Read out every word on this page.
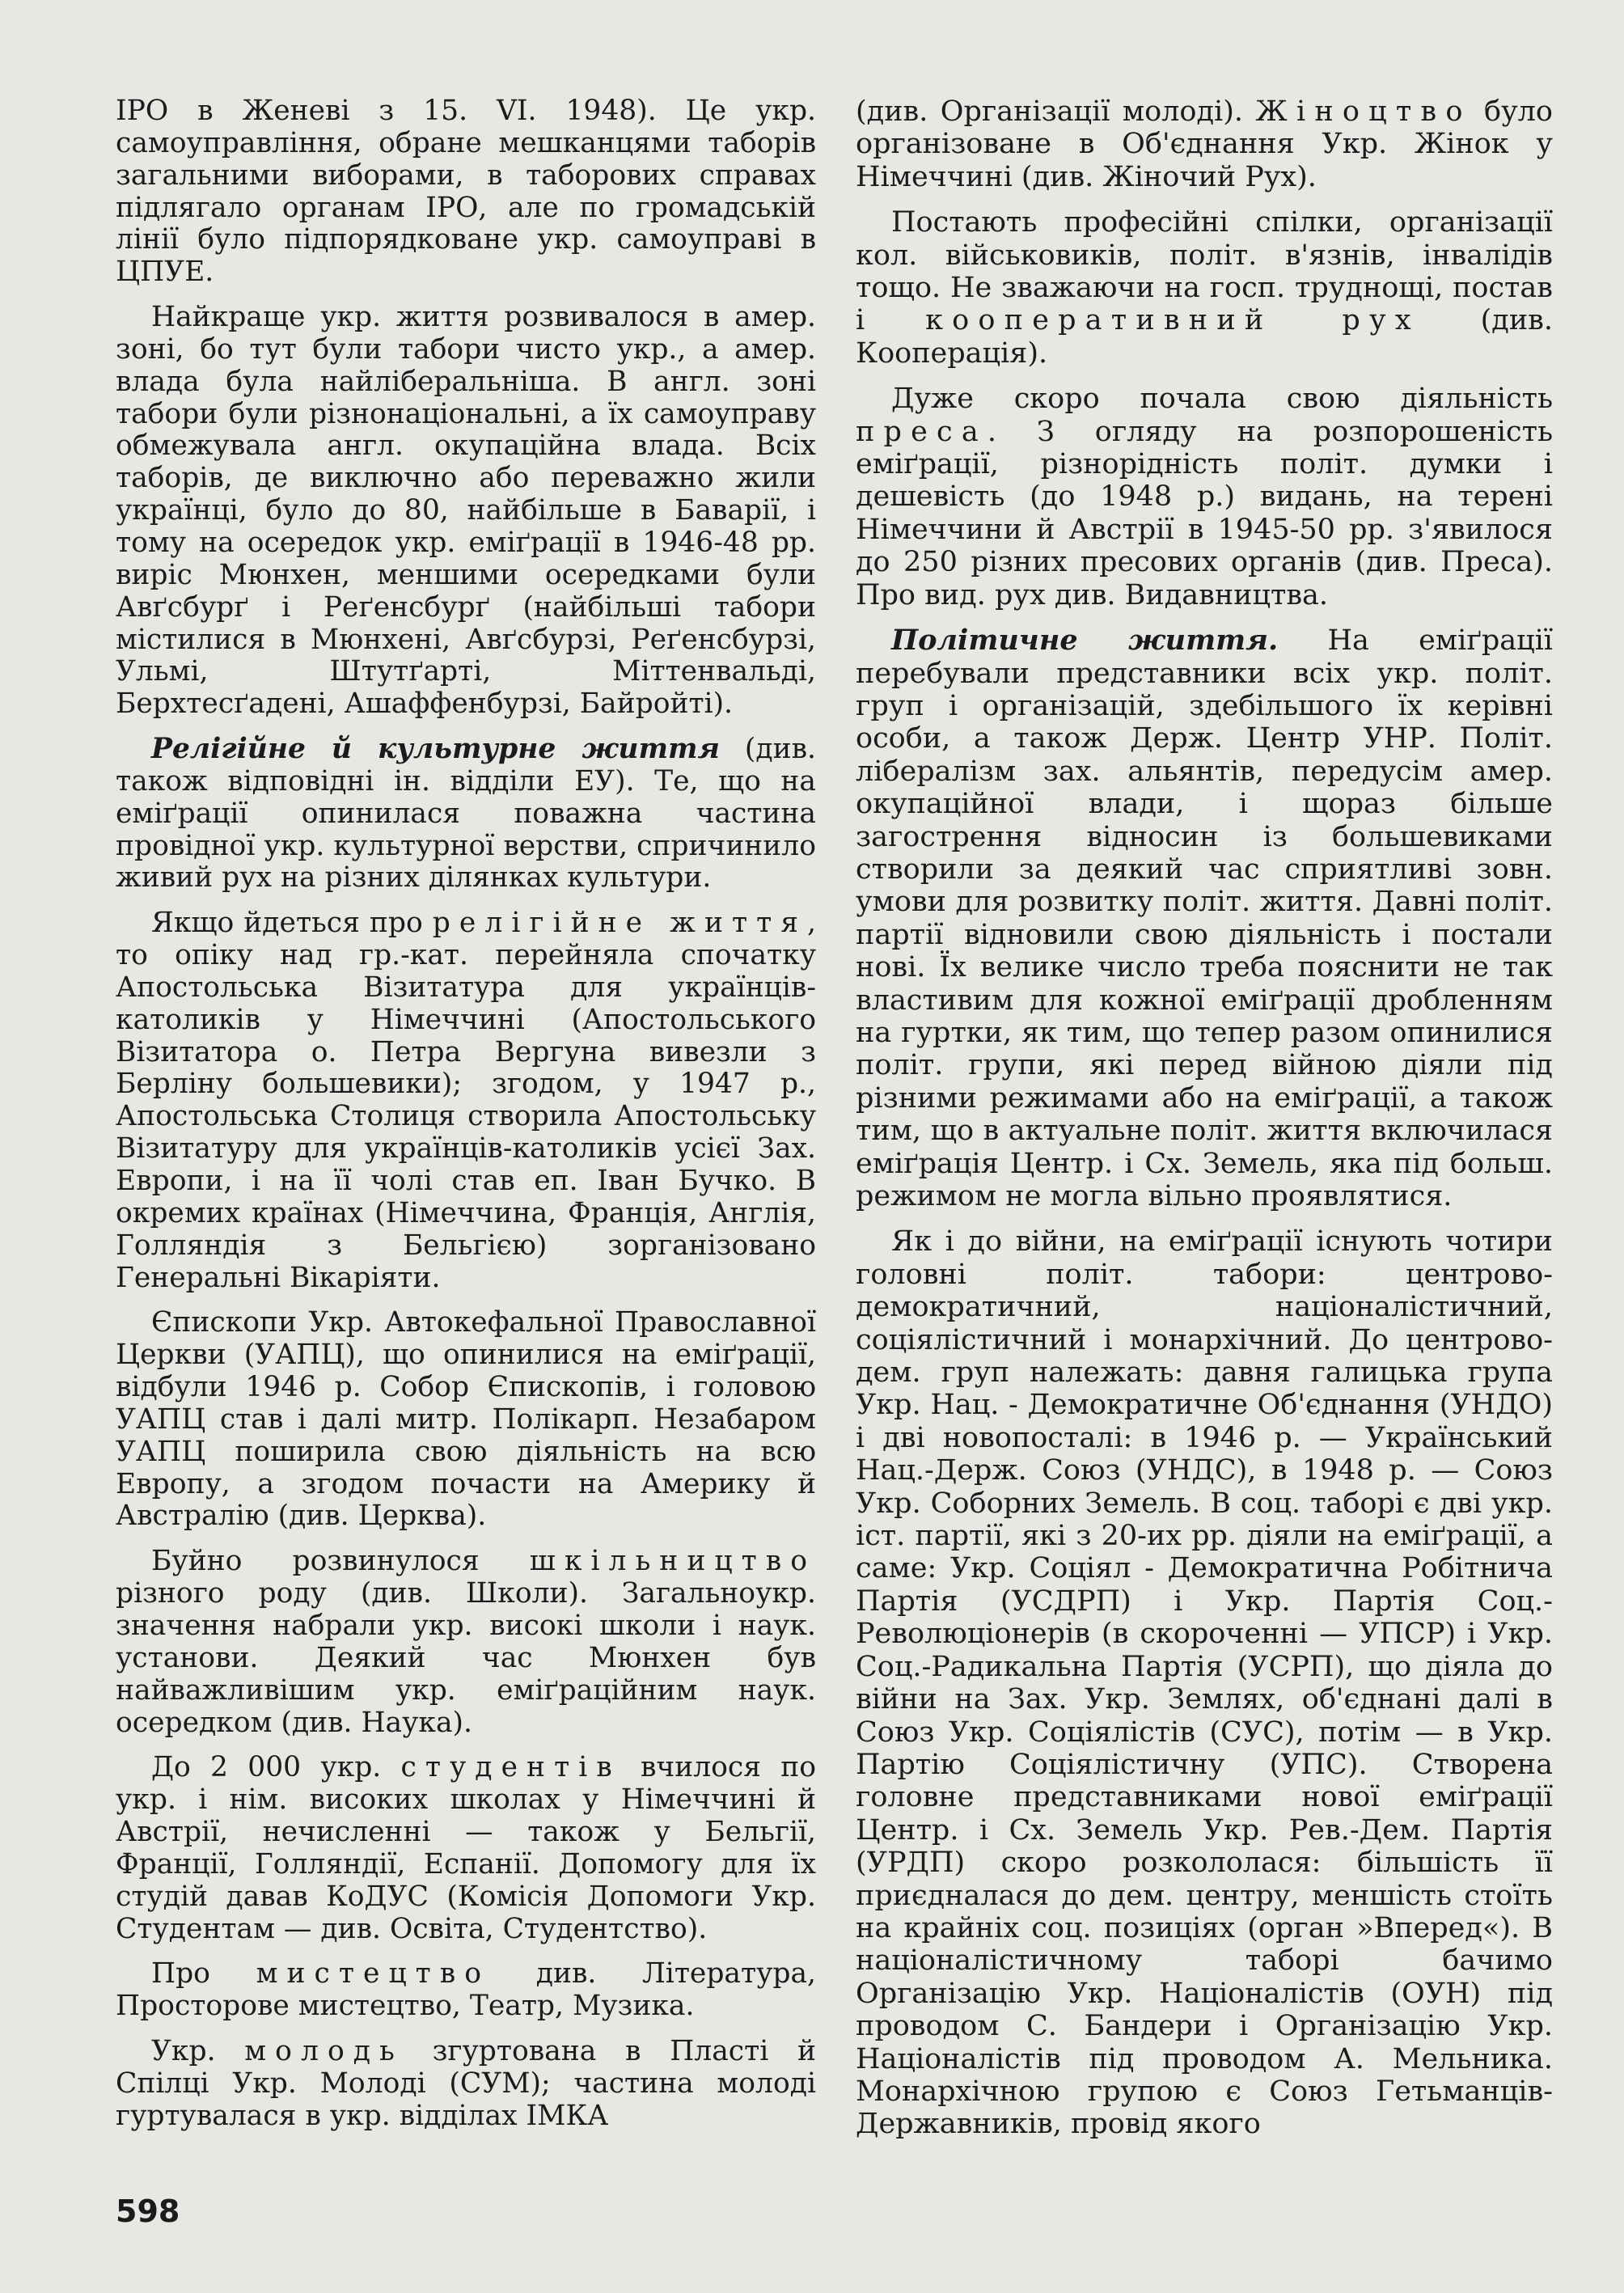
ІРО в Женеві з 15. VI. 1948). Це укр. самоуправління, обране мешканцями таборів загальними виборами, в таборових справах підлягало органам ІРО, але по громадській лінії було підпорядковане укр. самоуправі в ЦПУЕ.

Найкраще укр. життя розвивалося в амер. зоні, бо тут були табори чисто укр., а амер. влада була найліберальніша. В англ. зоні табори були різнонаціональні, а їх самоуправу обмежувала англ. окупаційна влада. Всіх таборів, де виключно або переважно жили українці, було до 80, найбільше в Баварії, і тому на осередок укр. еміґрації в 1946-48 рр. виріс Мюнхен, меншими осередками були Авґсбурґ і Реґенсбурґ (найбільші табори містилися в Мюнхені, Авґсбурзі, Реґенсбурзі, Ульмі, Штутґарті, Міттенвальді, Берхтесґадені, Ашаффенбурзі, Байройті).

Релігійне й культурне життя (див. також відповідні ін. відділи ЕУ). Те, що на еміґрації опинилася поважна частина провідної укр. культурної верстви, спричинило живий рух на різних ділянках культури.

Якщо йдеться про релігійне життя, то опіку над гр.-кат. перейняла спочатку Апостольська Візитатура для українців-католиків у Німеччині (Апостольського Візитатора о. Петра Вергуна вивезли з Берліну большевики); згодом, у 1947 р., Апостольська Столиця створила Апостольську Візитатуру для українців-католиків усієї Зах. Европи, і на її чолі став еп. Іван Бучко. В окремих країнах (Німеччина, Франція, Англія, Голляндія з Бельгією) зорганізовано Генеральні Вікаріяти.

Єпископи Укр. Автокефальної Православної Церкви (УАПЦ), що опинилися на еміґрації, відбули 1946 р. Собор Єпископів, і головою УАПЦ став і далі митр. Полікарп. Незабаром УАПЦ поширила свою діяльність на всю Европу, а згодом почасти на Америку й Австралію (див. Церква).

Буйно розвинулося шкільництво різного роду (див. Школи). Загальноукр. значення набрали укр. високі школи і наук. установи. Деякий час Мюнхен був найважливішим укр. еміґраційним наук. осередком (див. Наука).

До 2 000 укр. студентів вчилося по укр. і нім. високих школах у Німеччині й Австрії, нечисленні — також у Бельгії, Франції, Голляндії, Еспанії. Допомогу для їх студій давав КоДУС (Комісія Допомоги Укр. Студентам — див. Освіта, Студентство).

Про мистецтво див. Література, Просторове мистецтво, Театр, Музика.

Укр. молодь згуртована в Пласті й Спілці Укр. Молоді (СУМ); частина молоді гуртувалася в укр. відділах ІМКА

(див. Організації молоді). Жіноцтво було організоване в Об'єднання Укр. Жінок у Німеччині (див. Жіночий Рух).

Постають професійні спілки, організації кол. військовиків, політ. в'язнів, інвалідів тощо. Не зважаючи на госп. труднощі, постав і кооперативний рух (див. Кооперація).

Дуже скоро почала свою діяльність преса. З огляду на розпорошеність еміґрації, різнорідність політ. думки і дешевість (до 1948 р.) видань, на терені Німеччини й Австрії в 1945-50 рр. з'явилося до 250 різних пресових органів (див. Преса). Про вид. рух див. Видавництва.

Політичне життя. На еміґрації перебували представники всіх укр. політ. груп і організацій, здебільшого їх керівні особи, а також Держ. Центр УНР. Політ. лібералізм зах. альянтів, передусім амер. окупаційної влади, і щораз більше загострення відносин із большевиками створили за деякий час сприятливі зовн. умови для розвитку політ. життя. Давні політ. партії відновили свою діяльність і постали нові. Їх велике число треба пояснити не так властивим для кожної еміґрації дробленням на гуртки, як тим, що тепер разом опинилися політ. групи, які перед війною діяли під різними режимами або на еміґрації, а також тим, що в актуальне політ. життя включилася еміґрація Центр. і Сх. Земель, яка під больш. режимом не могла вільно проявлятися.

Як і до війни, на еміґрації існують чотири головні політ. табори: центрово-демократичний, націоналістичний, соціялістичний і монархічний. До центрово-дем. груп належать: давня галицька група Укр. Нац. - Демократичне Об'єднання (УНДО) і дві новопосталі: в 1946 р. — Український Нац.-Держ. Союз (УНДС), в 1948 р. — Союз Укр. Соборних Земель. В соц. таборі є дві укр. іст. партії, які з 20-их рр. діяли на еміґрації, а саме: Укр. Соціял - Демократична Робітнича Партія (УСДРП) і Укр. Партія Соц.-Революціонерів (в скороченні — УПСР) і Укр. Соц.-Радикальна Партія (УСРП), що діяла до війни на Зах. Укр. Землях, об'єднані далі в Союз Укр. Соціялістів (СУС), потім — в Укр. Партію Соціялістичну (УПС). Створена головне представниками нової еміґрації Центр. і Сх. Земель Укр. Рев.-Дем. Партія (УРДП) скоро розкололася: більшість її приєдналася до дем. центру, меншість стоїть на крайніх соц. позиціях (орган »Вперед«). В націоналістичному таборі бачимо Організацію Укр. Націоналістів (ОУН) під проводом С. Бандери і Організацію Укр. Націоналістів під проводом А. Мельника. Монархічною групою є Союз Гетьманців-Державників, провід якого

598
